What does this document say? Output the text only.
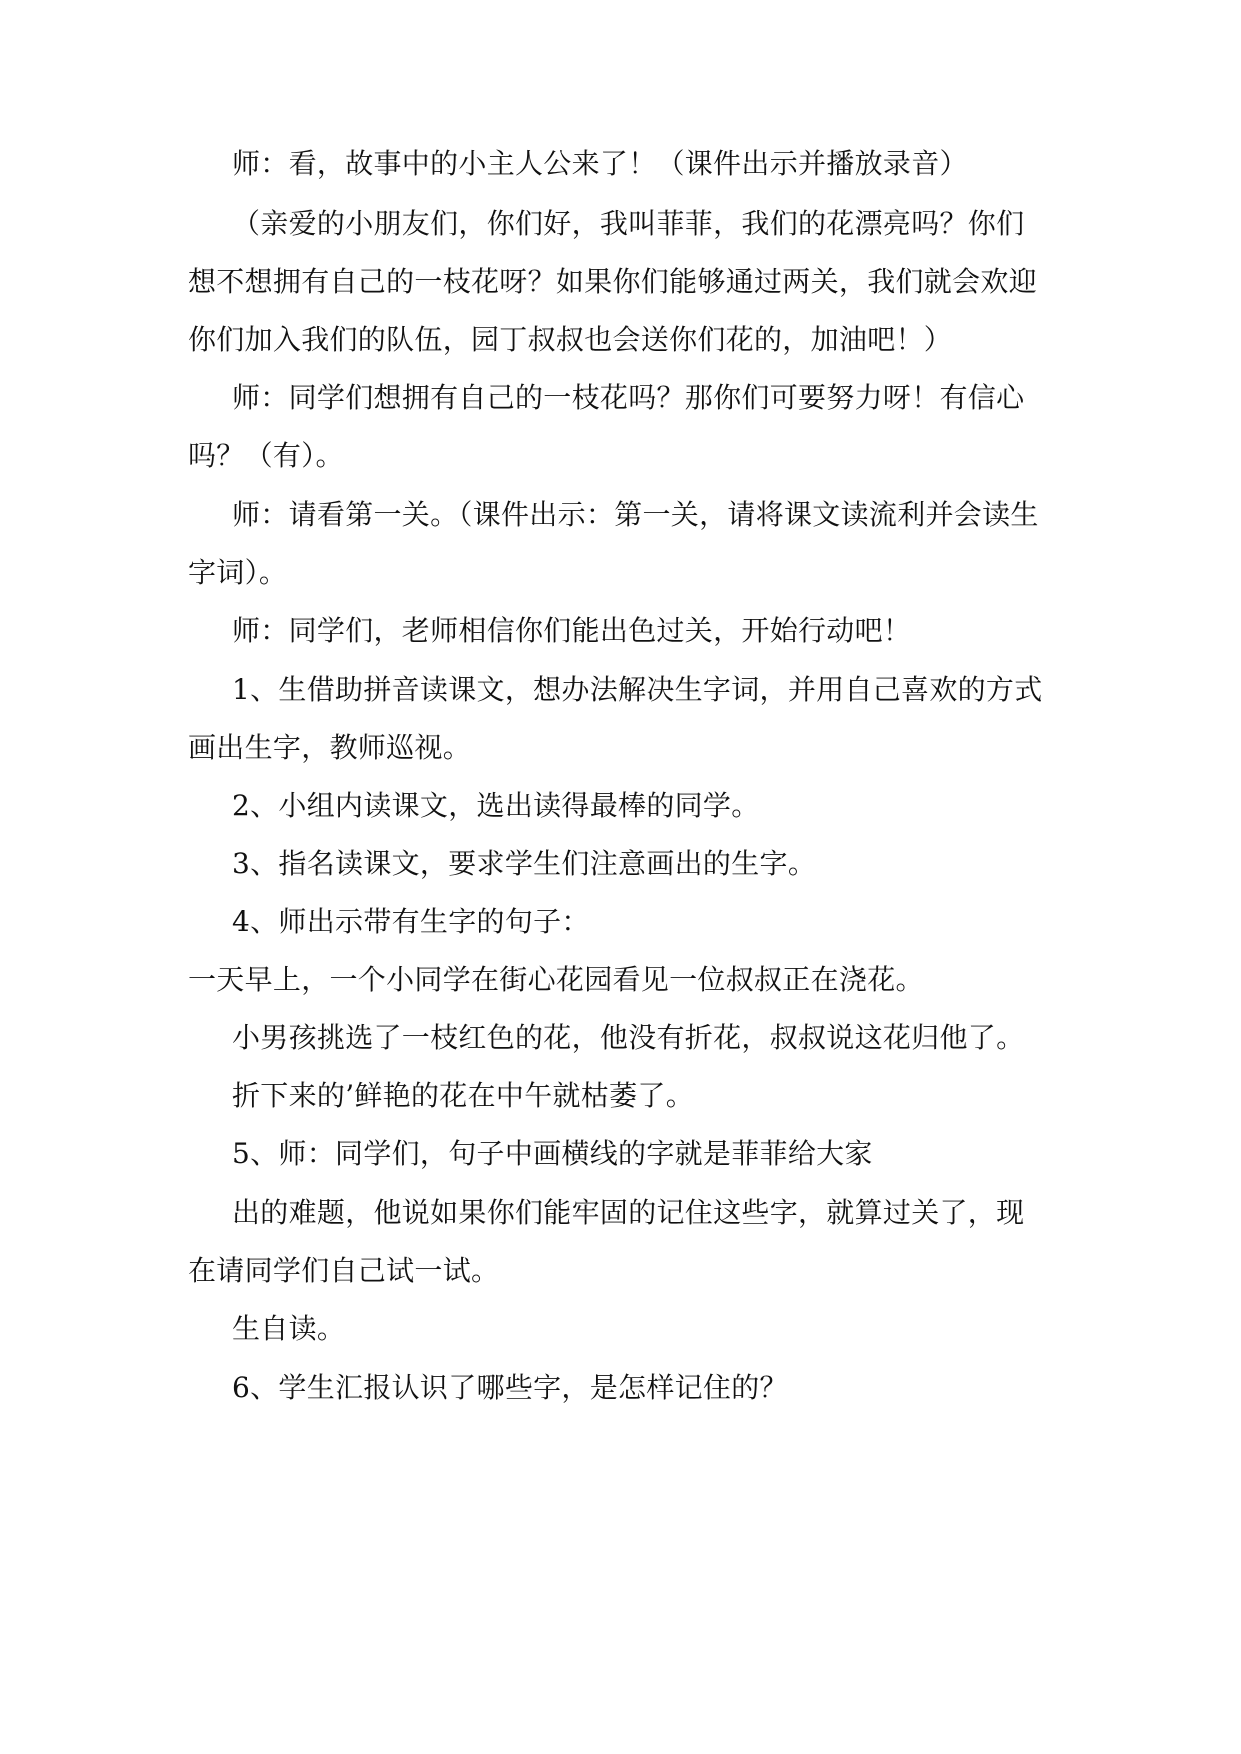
师：看，故事中的小主人公来了！（课件出示并播放录音）
（亲爱的小朋友们，你们好，我叫菲菲，我们的花漂亮吗？你们
想不想拥有自己的一枝花呀？如果你们能够通过两关，我们就会欢迎
你们加入我们的队伍，园丁叔叔也会送你们花的，加油吧！）
师：同学们想拥有自己的一枝花吗？那你们可要努力呀！有信心
吗？（有）。
师：请看第一关。（课件出示：第一关，请将课文读流利并会读生
字词）。
师：同学们，老师相信你们能出色过关，开始行动吧！
1、生借助拼音读课文，想办法解决生字词，并用自己喜欢的方式
画出生字，教师巡视。
2、小组内读课文，选出读得最棒的同学。
3、指名读课文，要求学生们注意画出的生字。
4、师出示带有生字的句子：
一天早上，一个小同学在街心花园看见一位叔叔正在浇花。
小男孩挑选了一枝红色的花，他没有折花，叔叔说这花归他了。
折下来的’鲜艳的花在中午就枯萎了。
5、师：同学们，句子中画横线的字就是菲菲给大家
出的难题，他说如果你们能牢固的记住这些字，就算过关了，现
在请同学们自己试一试。
生自读。
6、学生汇报认识了哪些字，是怎样记住的？
